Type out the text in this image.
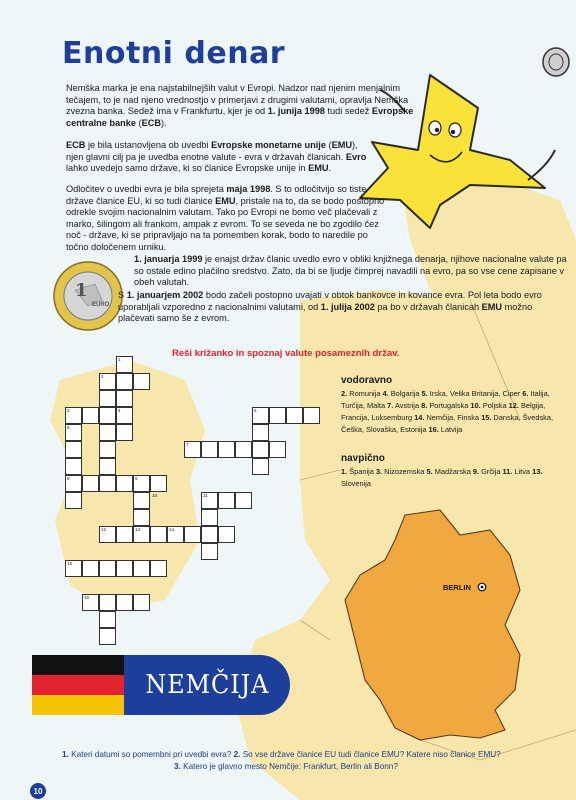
1
EURO
Enotni denar

Nemška marka je ena najstabilnejših valut v Evropi. Nadzor nad njenim menjalnim tečajem, to je nad njeno vrednostjo v primerjavi z drugimi valutami, opravlja Nemška zvezna banka. Sedež ima v Frankfurtu, kjer je od 1. junija 1998 tudi sedež Evropske centralne banke (ECB).

ECB je bila ustanovljena ob uvedbi Evropske monetarne unije (EMU), njen glavni cilj pa je uvedba enotne valute - evra v državah članicah. Evro lahko uvedejo samo države, ki so članice Evropske unije in EMU.

Odločitev o uvedbi evra je bila sprejeta maja 1998. S to odločitvijo so tiste države članice EU, ki so tudi članice EMU, pristale na to, da se bodo postopno odrekle svojim nacionalnim valutam. Tako po Evropi ne bomo več plačevali z marko, šilingom ali frankom, ampak z evrom. To se seveda ne bo zgodilo čez noč - države, ki se pripravljajo na ta pomemben korak, bodo to naredile po točno določenem urniku.

1. januarja 1999 je enajst držav članic uvedlo evro v obliki knjižnega denarja, njihove nacionalne valute pa so ostale edino plačilno sredstvo. Zato, da bi se ljudje čimprej navadili na evro, pa so vse cene zapisane v obeh valutah.

S 1. januarjem 2002 bodo začeli postopno uvajati v obtok bankovce in kovance evra. Pol leta bodo evro uporabljali vzporedno z nacionalnimi valutami, od 1. julija 2002 pa bo v državah članicah EMU možno plačevati samo še z evrom.

Reši križanko in spoznaj valute posameznih držav.

1
2
3	4	5
6
7
8	9
10	11
12	13	14
15
16

vodoravno

2. Romunija 4. Bolgarija 5. Irska, Velika Britanija, Ciper 6. Italija, Turčija, Malta 7. Avstrija 8. Portugalska 10. Poljska 12. Belgija, Francija, Luksemburg 14. Nemčija, Finska 15. Danska, Švedska, Češka, Slovaška, Estonija 16. Latvija

navpično

1. Španija 3. Nizozemska 5. Madžarska 9. Grčija 11. Litva 13. Slovenija

BERLIN

NEMČIJA

1. Kateri datumi so pomembni pri uvedbi evra? 2. So vse države članice EU tudi članice EMU? Katere niso članice EMU?

3. Katero je glavno mesto Nemčije: Frankfurt, Berlin ali Bonn?

10
